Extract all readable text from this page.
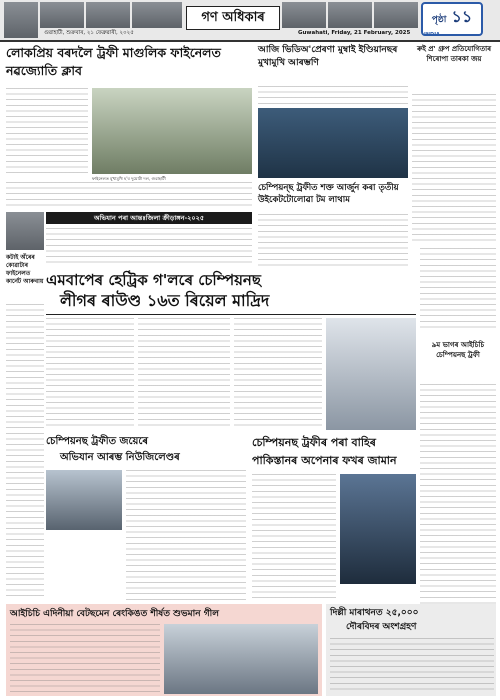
গণ অধিকাৰ
গুৱাহাটী, শুক্ৰবাৰ, ২১ ফেব্ৰুৱাৰী, ২০২৫	Guwahati, Friday, 21 February, 2025
পৃষ্ঠা ১১
INDIA
লোকপ্ৰিয় বৰদলৈ ট্ৰফী মাগুলিক ফাইনেলত নৱজ্যোতি ক্লাব
ফাইনেলত মুখামুখি হ'ব দুয়োটা দল, গুৱাহাটী
আজি ভিডিঅ'প্ৰেৰণা মুম্বাই ইণ্ডিয়ানছৰ মুখামুখি আৰম্ভণি
ৰুই প্ৰ' গ্ৰুপ প্ৰতিযোগিতাৰ শিৰোপা তাৰকা জয়
অভিযান পৰা আন্তঃজিলা ক্ৰীড়াঙ্গন-২০২৫
কটাই অঁৰেৰ কোৱাটাৰ ফাইনেলত কাৰ্নেট আৰুবায়
চেম্পিয়ন্‌ছ ট্ৰফীত শক্ত আৰ্জুন কৰা তৃতীয় উইকেটটোলোৱা টম লাথাম
এমবাপেৰ হেট্ৰিক গ'লৰে চেম্পিয়নছ
লীগৰ ৰাউণ্ড ১৬ত ৰিয়েল মাদ্ৰিদ
৯ম ভাগৰ আইচিচি চেম্পিয়নছ ট্ৰফী
চেম্পিয়নছ ট্ৰফীত জয়েৰে
অভিযান আৰম্ভ নিউজিলেণ্ডৰ
চেম্পিয়নছ ট্ৰফীৰ পৰা বাহিৰ
পাকিস্তানৰ অপেনাৰ ফখৰ জামান
আইচিচি এদিনীয়া বেটছমেন ৰেংকিঙত শীৰ্ষত শুভমান গীল	দিল্লী মাৰাথনত ২৫,০০০
দৌৰবিদৰ অংশগ্ৰহণ
